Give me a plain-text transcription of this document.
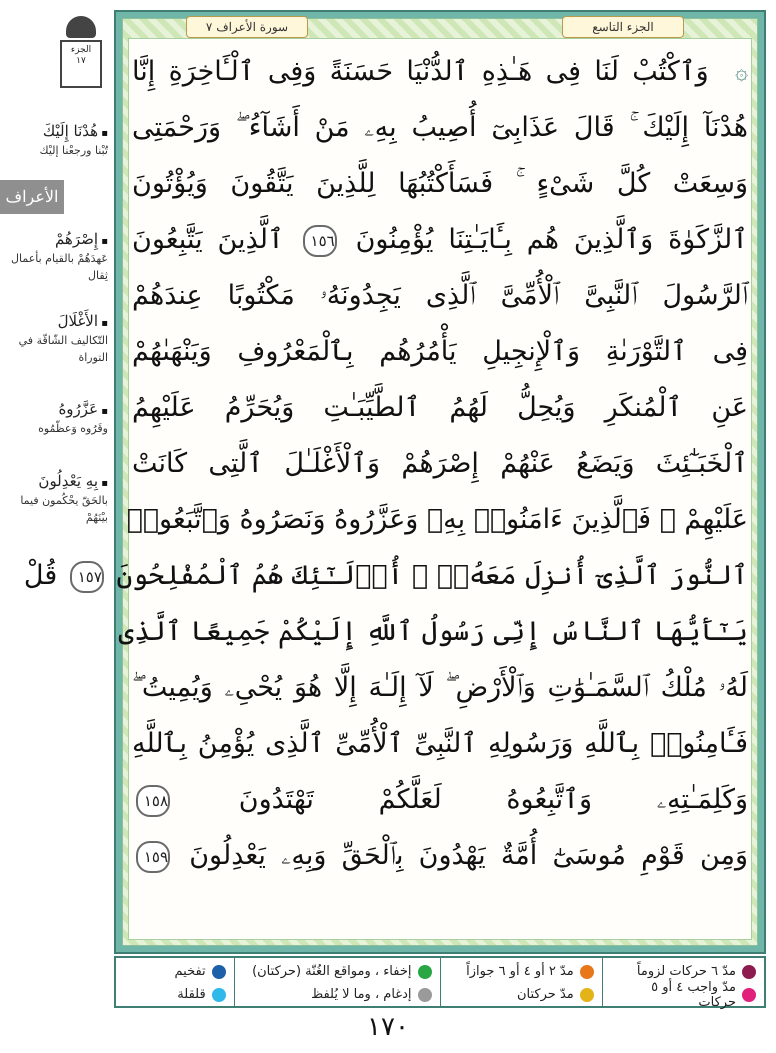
الجزء
١٧
الأعراف
▪ هُدْنَا إِلَيْكَ
تُبْنا ورجعْنا إليْك
▪ إِصْرَهُمْ
عَهدَهُمْ بالقيام بأعمال ثِقال
▪ الأَغْلَالَ
التّكاليف الشّاقّة في التوراة
▪ عَزَّرُوهُ
وقَرُوه وَعظّمُوه
▪ بِهِ يَعْدِلُونَ
بالحَقّ يحْكُمون فيما بيْنَهُمْ
الجزء التاسع
سورة الأعراف ٧
۞ وَٱكْتُبْ لَنَا فِى هَـٰذِهِ ٱلدُّنْيَا حَسَنَةً وَفِى ٱلْـَٔاخِرَةِ إِنَّا
هُدْنَآ إِلَيْكَ ۚ قَالَ عَذَابِىٓ أُصِيبُ بِهِۦ مَنْ أَشَآءُ ۖ وَرَحْمَتِى
وَسِعَتْ كُلَّ شَىْءٍ ۚ فَسَأَكْتُبُهَا لِلَّذِينَ يَتَّقُونَ وَيُؤْتُونَ
ٱلزَّكَوٰةَ وَٱلَّذِينَ هُم بِـَٔايَـٰتِنَا يُؤْمِنُونَ ١٥٦ ٱلَّذِينَ يَتَّبِعُونَ
ٱلرَّسُولَ ٱلنَّبِىَّ ٱلْأُمِّىَّ ٱلَّذِى يَجِدُونَهُۥ مَكْتُوبًا عِندَهُمْ
فِى ٱلتَّوْرَىٰةِ وَٱلْإِنجِيلِ يَأْمُرُهُم بِٱلْمَعْرُوفِ وَيَنْهَىٰهُمْ
عَنِ ٱلْمُنكَرِ وَيُحِلُّ لَهُمُ ٱلطَّيِّبَـٰتِ وَيُحَرِّمُ عَلَيْهِمُ
ٱلْخَبَـٰٓئِثَ وَيَضَعُ عَنْهُمْ إِصْرَهُمْ وَٱلْأَغْلَـٰلَ ٱلَّتِى كَانَتْ
عَلَيْهِمْ ۚ فَٱلَّذِينَ ءَامَنُوا۟ بِهِۦ وَعَزَّرُوهُ وَنَصَرُوهُ وَٱتَّبَعُوا۟
ٱلنُّورَ ٱلَّذِىٓ أُنزِلَ مَعَهُۥٓ ۙ أُو۟لَـٰٓئِكَ هُمُ ٱلْمُفْلِحُونَ ١٥٧ قُلْ
يَـٰٓأَيُّهَا ٱلنَّاسُ إِنِّى رَسُولُ ٱللَّهِ إِلَيْكُمْ جَمِيعًا ٱلَّذِى
لَهُۥ مُلْكُ ٱلسَّمَـٰوَٰتِ وَٱلْأَرْضِ ۖ لَآ إِلَـٰهَ إِلَّا هُوَ يُحْىِۦ وَيُمِيتُ ۖ
فَـَٔامِنُوا۟ بِٱللَّهِ وَرَسُولِهِ ٱلنَّبِىِّ ٱلْأُمِّىِّ ٱلَّذِى يُؤْمِنُ بِٱللَّهِ
وَكَلِمَـٰتِهِۦ وَٱتَّبِعُوهُ لَعَلَّكُمْ تَهْتَدُونَ ١٥٨
وَمِن قَوْمِ مُوسَىٰٓ أُمَّةٌ يَهْدُونَ بِٱلْحَقِّ وَبِهِۦ يَعْدِلُونَ ١٥٩
مدّ ٦ حركات لزوماً
مدّ واجب ٤ أو ٥ حركات
مدّ ٢ أو ٤ أو ٦ جوازاً
مدّ حركتان
إخفاء ، ومواقع الغُنّة (حركتان)
إدغام ، وما لا يُلفظ
تفخيم
قلقلة
١٧٠
